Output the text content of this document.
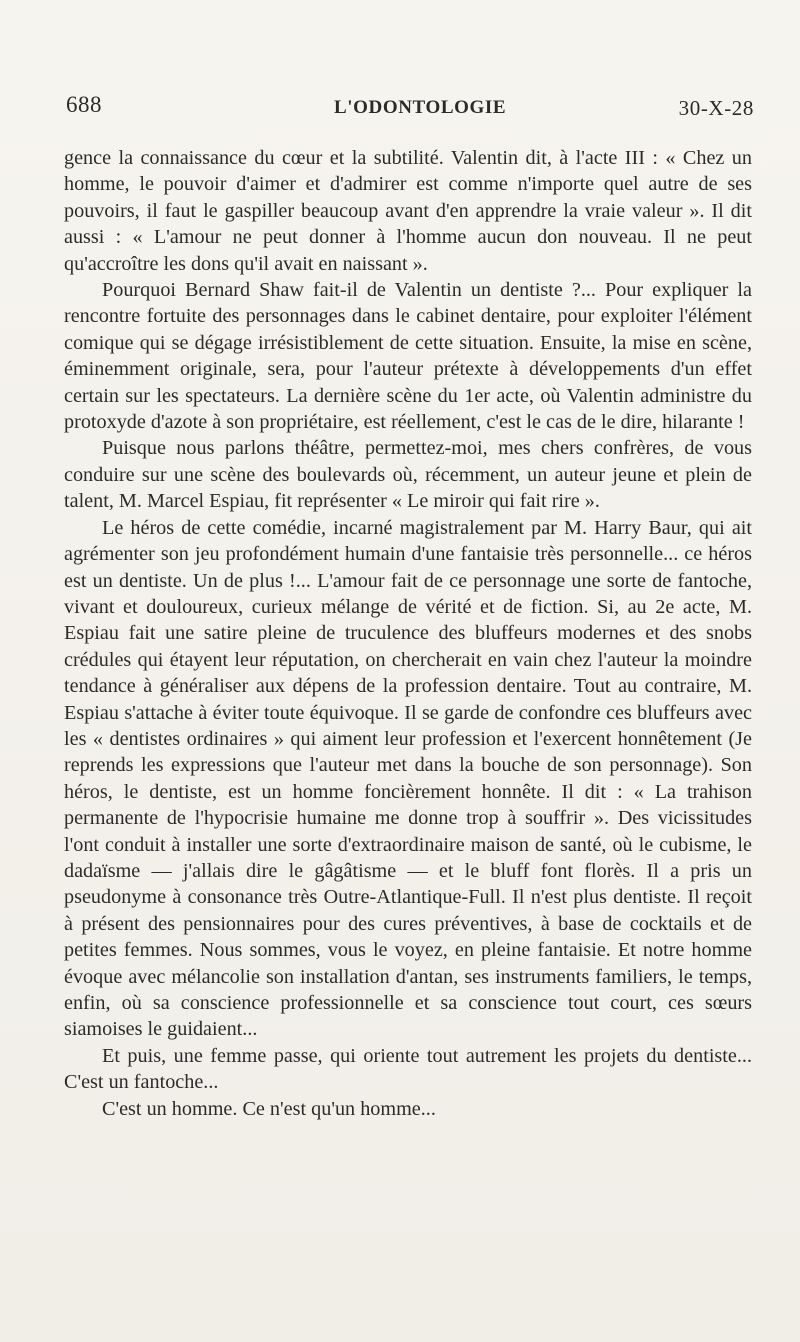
688	L'ODONTOLOGIE	30-X-28

gence la connaissance du cœur et la subtilité. Valentin dit, à l'acte III : « Chez un homme, le pouvoir d'aimer et d'admirer est comme n'importe quel autre de ses pouvoirs, il faut le gaspiller beaucoup avant d'en apprendre la vraie valeur ». Il dit aussi : « L'amour ne peut donner à l'homme aucun don nouveau. Il ne peut qu'accroître les dons qu'il avait en naissant ».

Pourquoi Bernard Shaw fait-il de Valentin un dentiste ?... Pour expliquer la rencontre fortuite des personnages dans le cabinet dentaire, pour exploiter l'élément comique qui se dégage irrésistiblement de cette situation. Ensuite, la mise en scène, éminemment originale, sera, pour l'auteur prétexte à développements d'un effet certain sur les spectateurs. La dernière scène du 1er acte, où Valentin administre du protoxyde d'azote à son propriétaire, est réellement, c'est le cas de le dire, hilarante !

Puisque nous parlons théâtre, permettez-moi, mes chers confrères, de vous conduire sur une scène des boulevards où, récemment, un auteur jeune et plein de talent, M. Marcel Espiau, fit représenter « Le miroir qui fait rire ».

Le héros de cette comédie, incarné magistralement par M. Harry Baur, qui ait agrémenter son jeu profondément humain d'une fantaisie très personnelle... ce héros est un dentiste. Un de plus !... L'amour fait de ce personnage une sorte de fantoche, vivant et douloureux, curieux mélange de vérité et de fiction. Si, au 2e acte, M. Espiau fait une satire pleine de truculence des bluffeurs modernes et des snobs crédules qui étayent leur réputation, on chercherait en vain chez l'auteur la moindre tendance à généraliser aux dépens de la profession dentaire. Tout au contraire, M. Espiau s'attache à éviter toute équivoque. Il se garde de confondre ces bluffeurs avec les « dentistes ordinaires » qui aiment leur profession et l'exercent honnêtement (Je reprends les expressions que l'auteur met dans la bouche de son personnage). Son héros, le dentiste, est un homme foncièrement honnête. Il dit : « La trahison permanente de l'hypocrisie humaine me donne trop à souffrir ». Des vicissitudes l'ont conduit à installer une sorte d'extraordinaire maison de santé, où le cubisme, le dadaïsme — j'allais dire le gâgâtisme — et le bluff font florès. Il a pris un pseudonyme à consonance très Outre-Atlantique-Full. Il n'est plus dentiste. Il reçoit à présent des pensionnaires pour des cures préventives, à base de cocktails et de petites femmes. Nous sommes, vous le voyez, en pleine fantaisie. Et notre homme évoque avec mélancolie son installation d'antan, ses instruments familiers, le temps, enfin, où sa conscience professionnelle et sa conscience tout court, ces sœurs siamoises le guidaient...

Et puis, une femme passe, qui oriente tout autrement les projets du dentiste... C'est un fantoche...

C'est un homme. Ce n'est qu'un homme...
